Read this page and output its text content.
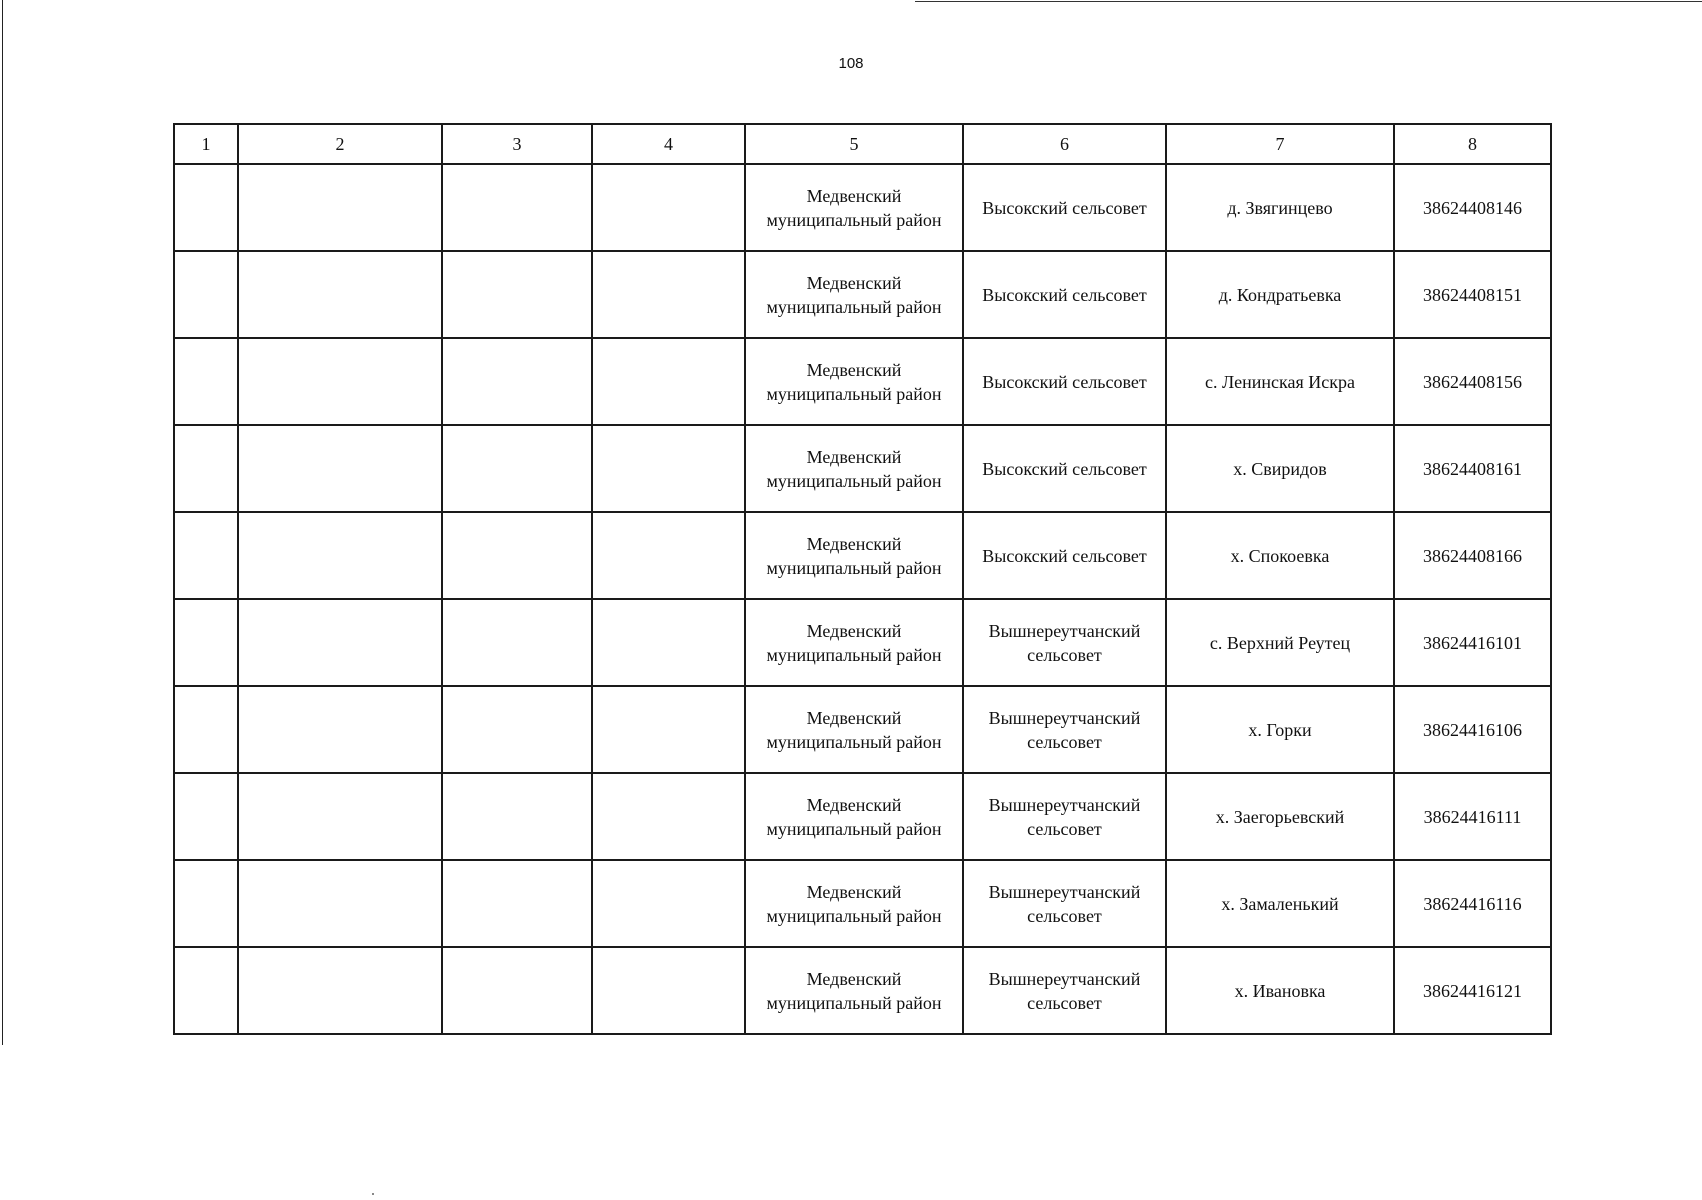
108
1	2	3	4	5	6	7	8
				Медвенский муниципальный район	Высокский сельсовет	д. Звягинцево	38624408146
				Медвенский муниципальный район	Высокский сельсовет	д. Кондратьевка	38624408151
				Медвенский муниципальный район	Высокский сельсовет	с. Ленинская Искра	38624408156
				Медвенский муниципальный район	Высокский сельсовет	х. Свиридов	38624408161
				Медвенский муниципальный район	Высокский сельсовет	х. Спокоевка	38624408166
				Медвенский муниципальный район	Вышнереутчанский сельсовет	с. Верхний Реутец	38624416101
				Медвенский муниципальный район	Вышнереутчанский сельсовет	х. Горки	38624416106
				Медвенский муниципальный район	Вышнереутчанский сельсовет	х. Заегорьевский	38624416111
				Медвенский муниципальный район	Вышнереутчанский сельсовет	х. Замаленький	38624416116
				Медвенский муниципальный район	Вышнереутчанский сельсовет	х. Ивановка	38624416121
